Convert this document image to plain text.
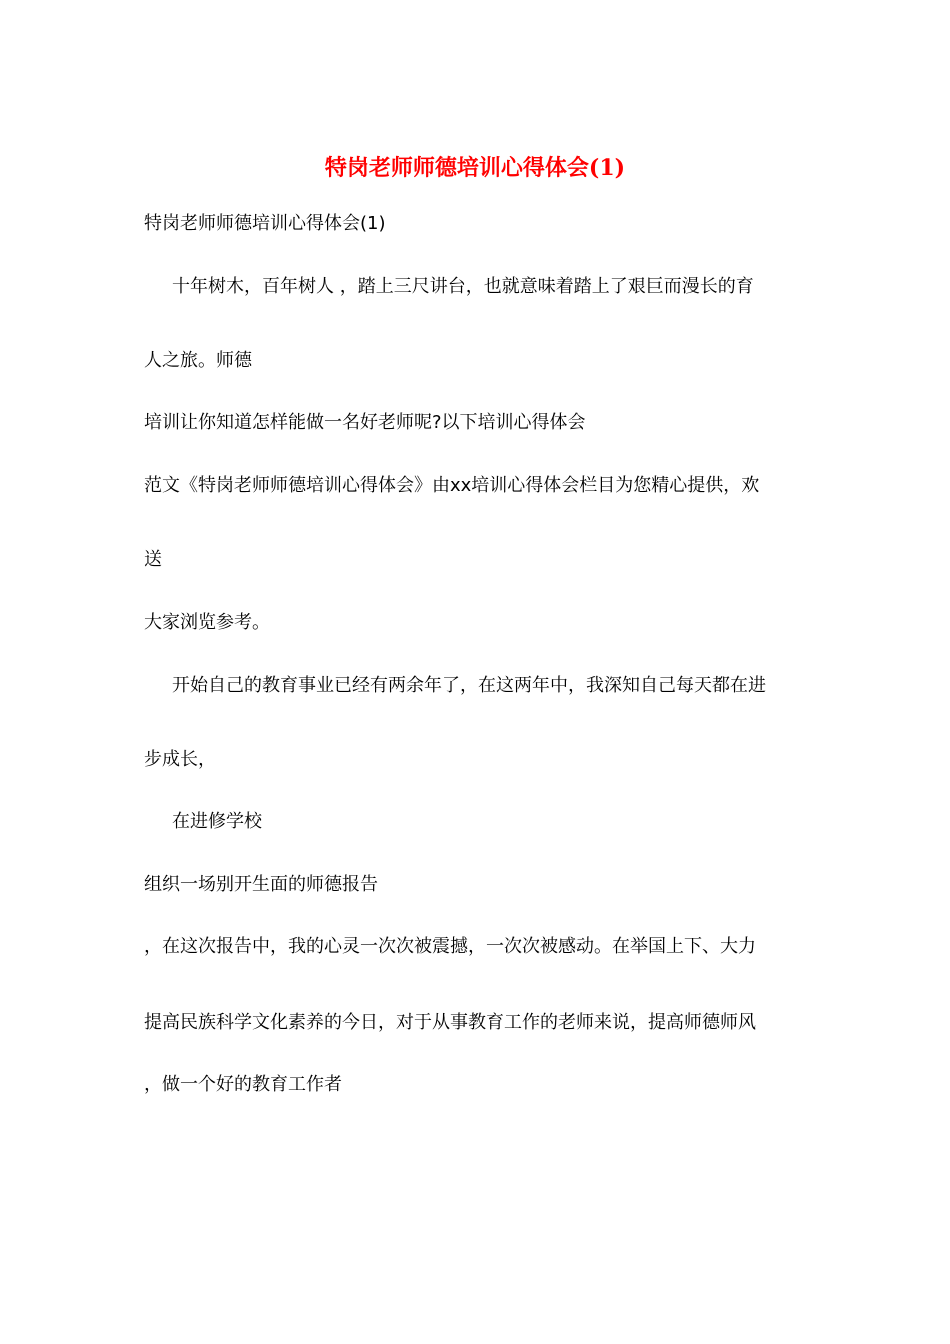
特岗老师师德培训心得体会(1)

特岗老师师德培训心得体会(1)

十年树木，百年树人 ，踏上三尺讲台，也就意味着踏上了艰巨而漫长的育

人之旅。师德

培训让你知道怎样能做一名好老师呢?以下培训心得体会

范文《特岗老师师德培训心得体会》由xx培训心得体会栏目为您精心提供，欢

送

大家浏览参考。

开始自己的教育事业已经有两余年了，在这两年中，我深知自己每天都在进

步成长，

在进修学校

组织一场别开生面的师德报告

，在这次报告中，我的心灵一次次被震撼，一次次被感动。在举国上下、大力

提高民族科学文化素养的今日，对于从事教育工作的老师来说，提高师德师风

，做一个好的教育工作者
